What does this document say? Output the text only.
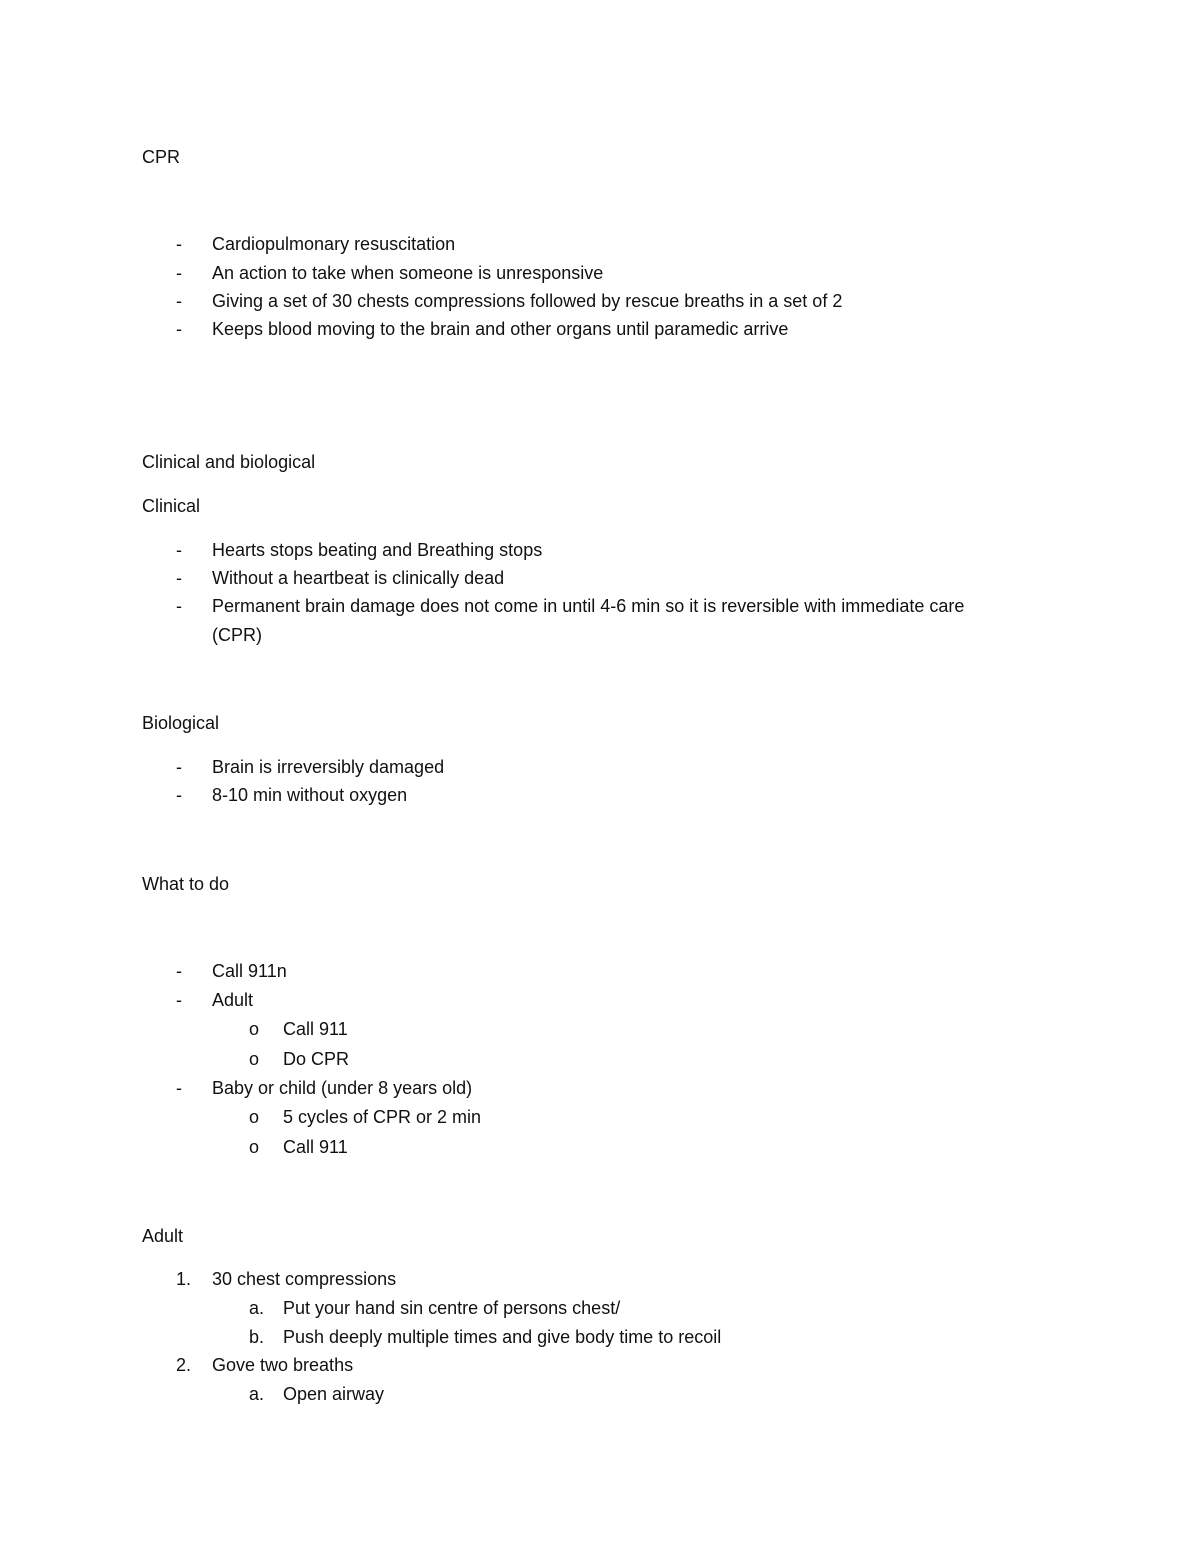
CPR
- Cardiopulmonary resuscitation
- An action to take when someone is unresponsive
- Giving a set of 30 chests compressions followed by rescue breaths in a set of 2
- Keeps blood moving to the brain and other organs until paramedic arrive
Clinical and biological
Clinical
- Hearts stops beating and Breathing stops
- Without a heartbeat is clinically dead
- Permanent brain damage does not come in until 4-6 min so it is reversible with immediate care
(CPR)
Biological
- Brain is irreversibly damaged
- 8-10 min without oxygen
What to do
- Call 911n
- Adult
o Call 911
o Do CPR
- Baby or child (under 8 years old)
o 5 cycles of CPR or 2 min
o Call 911
Adult
1. 30 chest compressions
a. Put your hand sin centre of persons chest/
b. Push deeply multiple times and give body time to recoil
2. Gove two breaths
a. Open airway
